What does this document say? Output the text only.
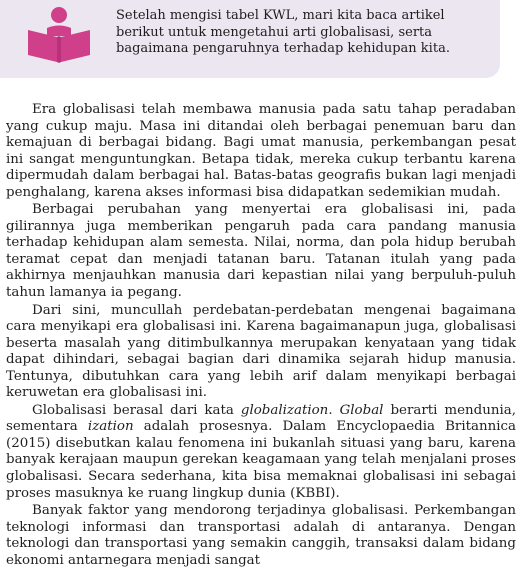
Setelah mengisi tabel KWL, mari kita baca artikel berikut untuk mengetahui arti globalisasi, serta bagaimana pengaruhnya terhadap kehidupan kita.

Era globalisasi telah membawa manusia pada satu tahap peradaban yang cukup maju. Masa ini ditandai oleh berbagai penemuan baru dan kemajuan di berbagai bidang. Bagi umat manusia, perkembangan pesat ini sangat menguntungkan. Betapa tidak, mereka cukup terbantu karena dipermudah dalam berbagai hal. Batas-batas geografis bukan lagi menjadi penghalang, karena akses informasi bisa didapatkan sedemikian mudah.

Berbagai perubahan yang menyertai era globalisasi ini, pada gilirannya juga memberikan pengaruh pada cara pandang manusia terhadap kehidupan alam semesta. Nilai, norma, dan pola hidup berubah teramat cepat dan menjadi tatanan baru. Tatanan itulah yang pada akhirnya menjauhkan manusia dari kepastian nilai yang berpuluh-puluh tahun lamanya ia pegang.

Dari sini, muncullah perdebatan-perdebatan mengenai bagaimana cara menyikapi era globalisasi ini. Karena bagaimanapun juga, globalisasi beserta masalah yang ditimbulkannya merupakan kenyataan yang tidak dapat dihindari, sebagai bagian dari dinamika sejarah hidup manusia. Tentunya, dibutuhkan cara yang lebih arif dalam menyikapi berbagai keruwetan era globalisasi ini.

Globalisasi berasal dari kata globalization. Global berarti mendunia, sementara ization adalah prosesnya. Dalam Encyclopaedia Britannica (2015) disebutkan kalau fenomena ini bukanlah situasi yang baru, karena banyak kerajaan maupun gerekan keagamaan yang telah menjalani proses globalisasi. Secara sederhana, kita bisa memaknai globalisasi ini sebagai proses masuknya ke ruang lingkup dunia (KBBI).

Banyak faktor yang mendorong terjadinya globalisasi. Perkembangan teknologi informasi dan transportasi adalah di antaranya. Dengan teknologi dan transportasi yang semakin canggih, transaksi dalam bidang ekonomi antarnegara menjadi sangat
